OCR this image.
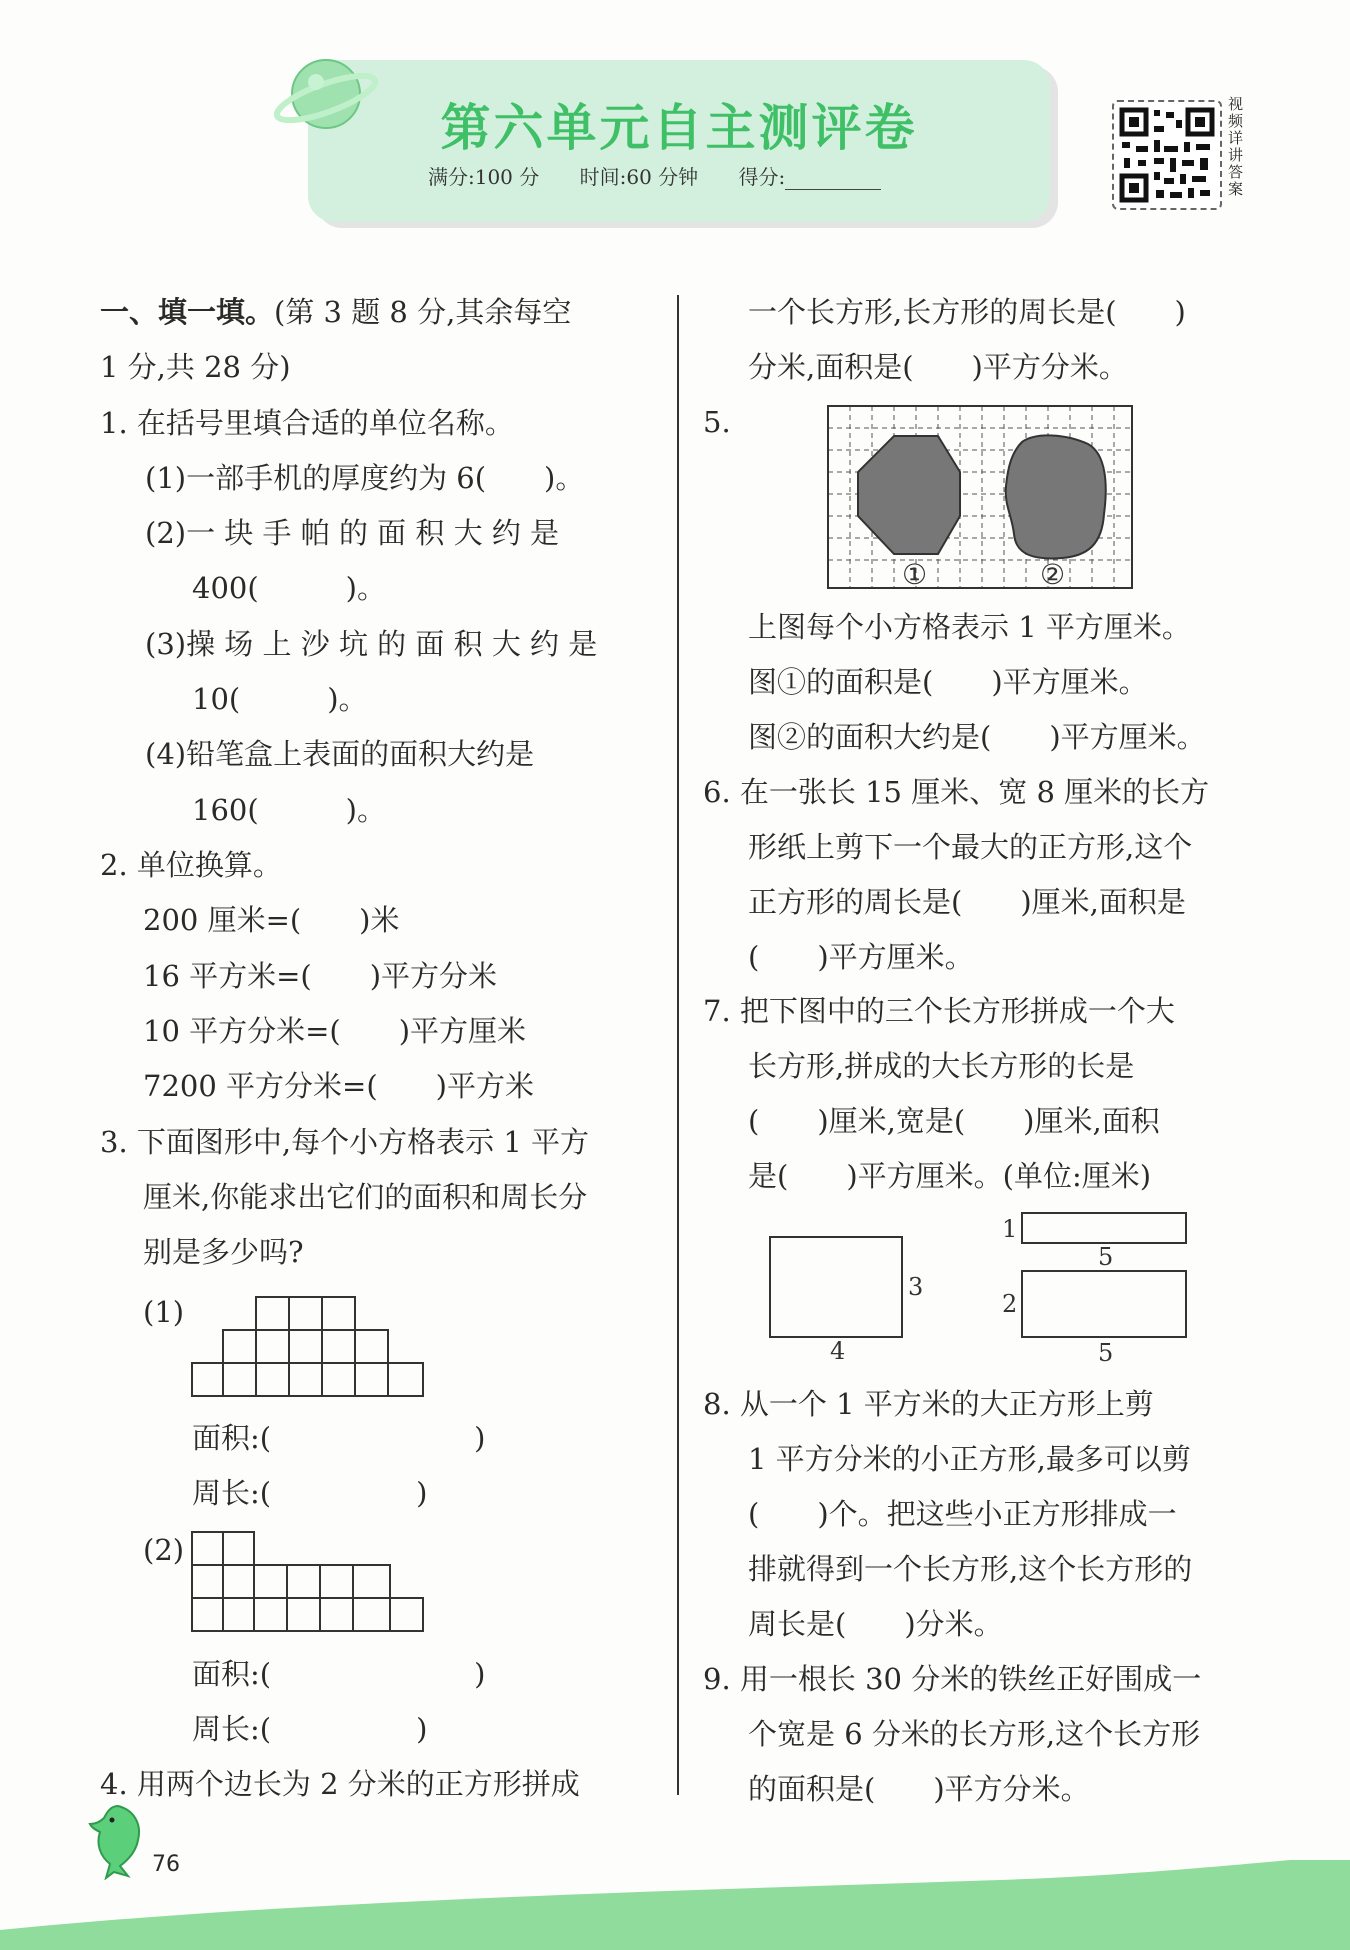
第六单元自主测评卷
满分:100 分 时间:60 分钟 得分:
视频详讲答案
一、填一填。(第 3 题 8 分,其余每空
1 分,共 28 分)
1. 在括号里填合适的单位名称。
(1)一部手机的厚度约为 6(　　)。
(2)一 块 手 帕 的 面 积 大 约 是
400(　　　)。
(3)操 场 上 沙 坑 的 面 积 大 约 是
10(　　　)。
(4)铅笔盒上表面的面积大约是
160(　　　)。
2. 单位换算。
200 厘米=(　　)米
16 平方米=(　　)平方分米
10 平方分米=(　　)平方厘米
7200 平方分米=(　　)平方米
3. 下面图形中,每个小方格表示 1 平方
厘米,你能求出它们的面积和周长分
别是多少吗?
(1)
面积:(　　　　　　　)
周长:(　　　　　)
(2)
面积:(　　　　　　　)
周长:(　　　　　)
4. 用两个边长为 2 分米的正方形拼成
一个长方形,长方形的周长是(　　)
分米,面积是(　　)平方分米。
5.
①	②
上图每个小方格表示 1 平方厘米。
图①的面积是(　　)平方厘米。
图②的面积大约是(　　)平方厘米。
6. 在一张长 15 厘米、宽 8 厘米的长方
形纸上剪下一个最大的正方形,这个
正方形的周长是(　　)厘米,面积是
(　　)平方厘米。
7. 把下图中的三个长方形拼成一个大
长方形,拼成的大长方形的长是
(　　)厘米,宽是(　　)厘米,面积
是(　　)平方厘米。(单位:厘米)
3
4
1
5
2
5
8. 从一个 1 平方米的大正方形上剪
1 平方分米的小正方形,最多可以剪
(　　)个。把这些小正方形排成一
排就得到一个长方形,这个长方形的
周长是(　　)分米。
9. 用一根长 30 分米的铁丝正好围成一
个宽是 6 分米的长方形,这个长方形
的面积是(　　)平方分米。
76
